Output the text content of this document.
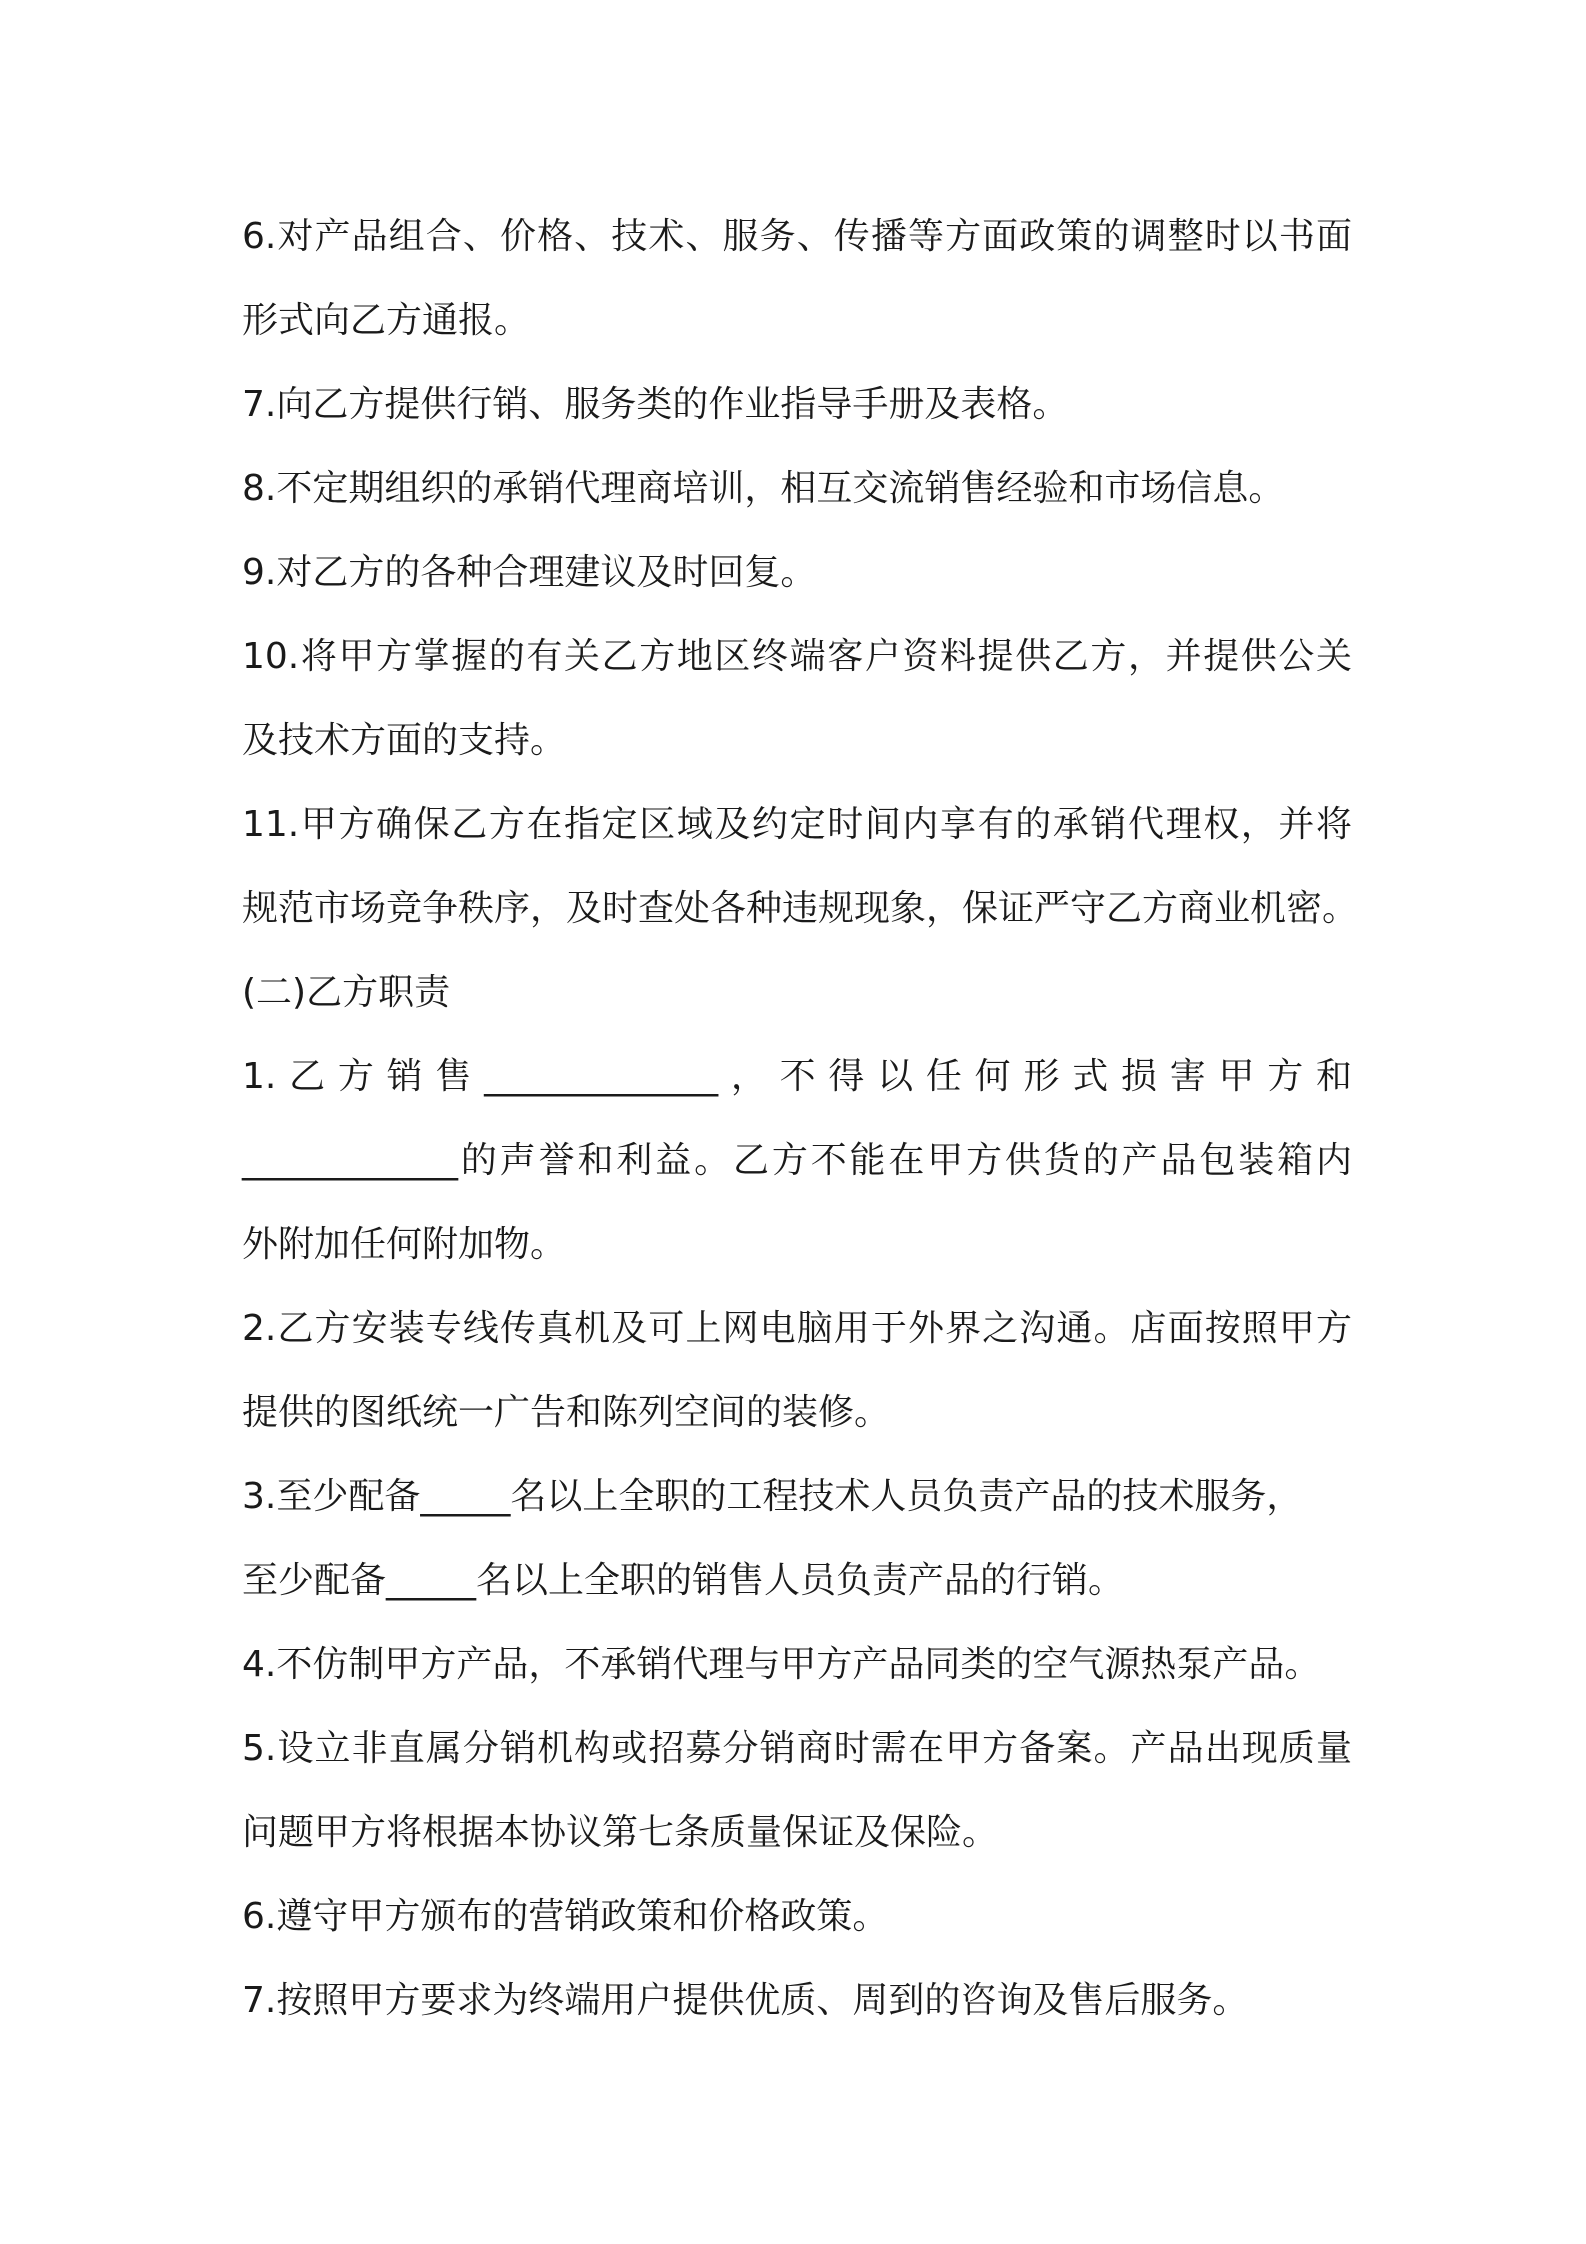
6.对产品组合、价格、技术、服务、传播等方面政策的调整时以书面
形式向乙方通报。
7.向乙方提供行销、服务类的作业指导手册及表格。
8.不定期组织的承销代理商培训，相互交流销售经验和市场信息。
9.对乙方的各种合理建议及时回复。
10.将甲方掌握的有关乙方地区终端客户资料提供乙方，并提供公关
及技术方面的支持。
11.甲方确保乙方在指定区域及约定时间内享有的承销代理权，并将
规范市场竞争秩序，及时查处各种违规现象，保证严守乙方商业机密。
(二)乙方职责
1.乙方销售_____________，不得以任何形式损害甲方和
____________的声誉和利益。乙方不能在甲方供货的产品包装箱内
外附加任何附加物。
2.乙方安装专线传真机及可上网电脑用于外界之沟通。店面按照甲方
提供的图纸统一广告和陈列空间的装修。
3.至少配备_____名以上全职的工程技术人员负责产品的技术服务，
至少配备_____名以上全职的销售人员负责产品的行销。
4.不仿制甲方产品，不承销代理与甲方产品同类的空气源热泵产品。
5.设立非直属分销机构或招募分销商时需在甲方备案。产品出现质量
问题甲方将根据本协议第七条质量保证及保险。
6.遵守甲方颁布的营销政策和价格政策。
7.按照甲方要求为终端用户提供优质、周到的咨询及售后服务。
